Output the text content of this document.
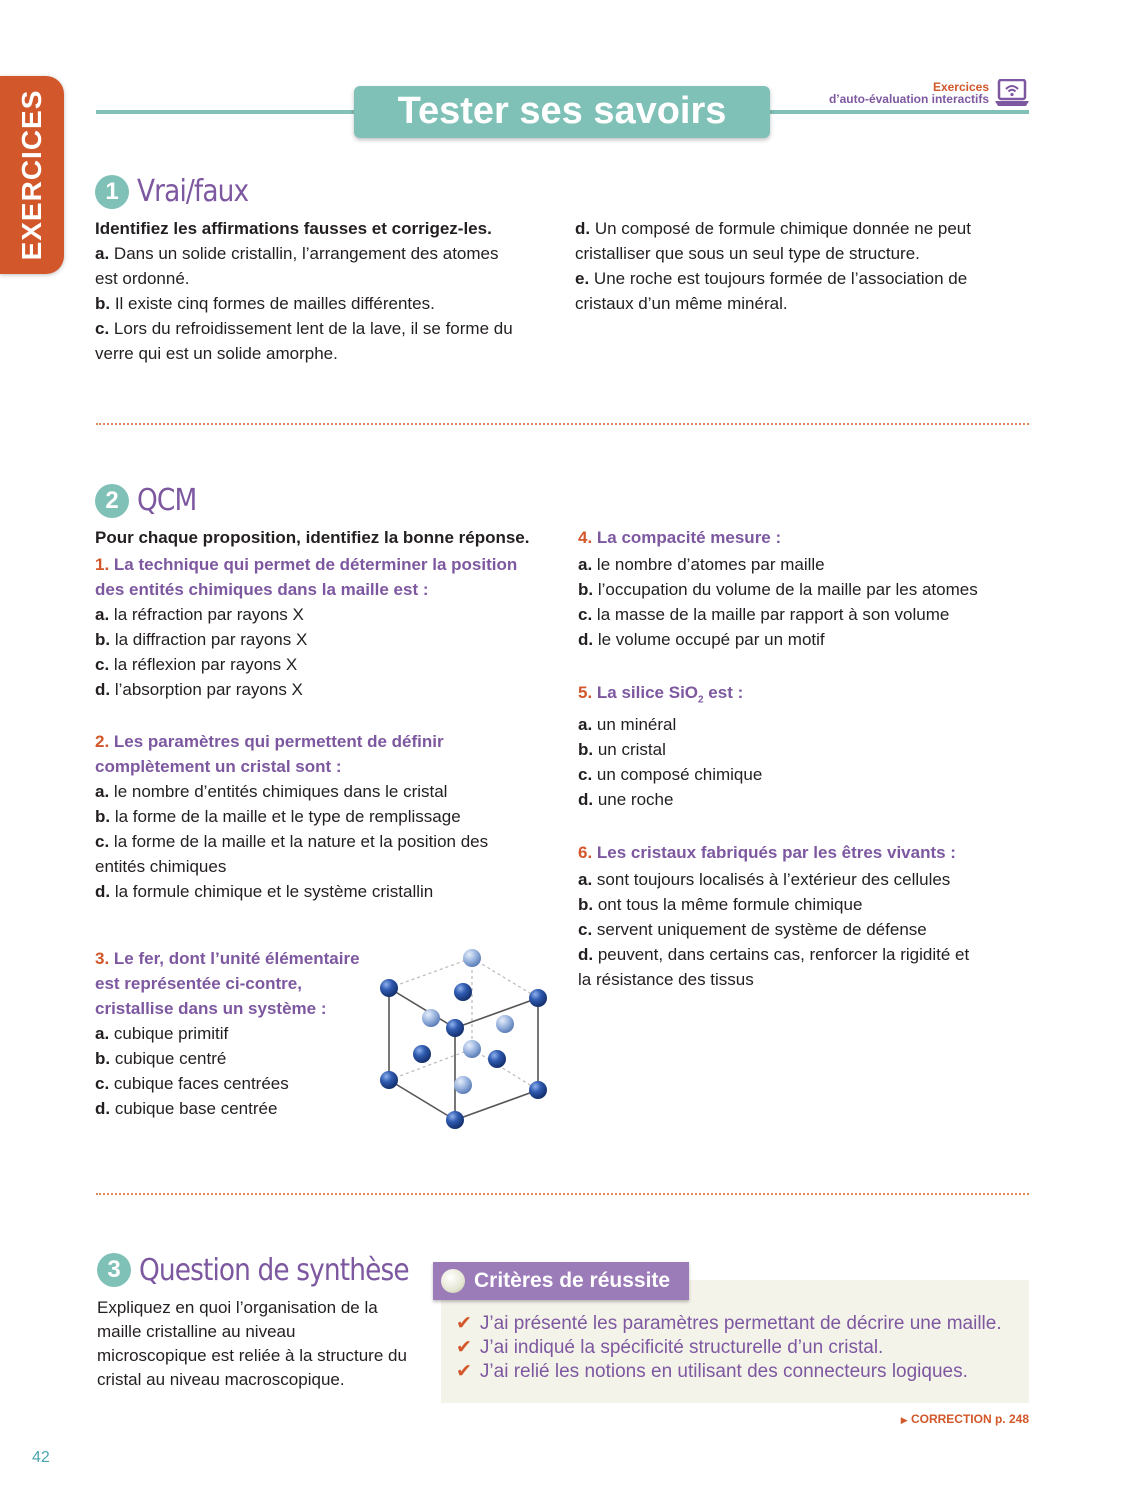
EXERCICES	Tester ses savoirs
Exercices
d’auto-évaluation interactifs
1 Vrai/faux

Identifiez les affirmations fausses et corrigez-les.

a. Dans un solide cristallin, l’arrangement des atomes est ordonné.

b. Il existe cinq formes de mailles différentes.

c. Lors du refroidissement lent de la lave, il se forme du verre qui est un solide amorphe.

d. Un composé de formule chimique donnée ne peut cristalliser que sous un seul type de structure.

e. Une roche est toujours formée de l’association de cristaux d’un même minéral.

2 QCM

Pour chaque proposition, identifiez la bonne réponse.

1. La technique qui permet de déterminer la position des entités chimiques dans la maille est :

a. la réfraction par rayons X

b. la diffraction par rayons X

c. la réflexion par rayons X

d. l’absorption par rayons X

2. Les paramètres qui permettent de définir complètement un cristal sont :

a. le nombre d’entités chimiques dans le cristal

b. la forme de la maille et le type de remplissage

c. la forme de la maille et la nature et la position des entités chimiques

d. la formule chimique et le système cristallin

3. Le fer, dont l’unité élémentaire est représentée ci-contre, cristallise dans un système :

a. cubique primitif

b. cubique centré

c. cubique faces centrées

d. cubique base centrée

4. La compacité mesure :

a. le nombre d’atomes par maille

b. l’occupation du volume de la maille par les atomes

c. la masse de la maille par rapport à son volume

d. le volume occupé par un motif

5. La silice SiO$_2$ est :

a. un minéral

b. un cristal

c. un composé chimique

d. une roche

6. Les cristaux fabriqués par les êtres vivants :

a. sont toujours localisés à l’extérieur des cellules

b. ont tous la même formule chimique

c. servent uniquement de système de défense

d. peuvent, dans certains cas, renforcer la rigidité et la résistance des tissus

3 Question de synthèse
Expliquez en quoi l’organisation de la maille cristalline au niveau microscopique est reliée à la structure du cristal au niveau macroscopique.
Critères de réussite
✔ J’ai présenté les paramètres permettant de décrire une maille.
✔ J’ai indiqué la spécificité structurelle d’un cristal.
✔ J’ai relié les notions en utilisant des connecteurs logiques.
▶ CORRECTION p. 248
42
